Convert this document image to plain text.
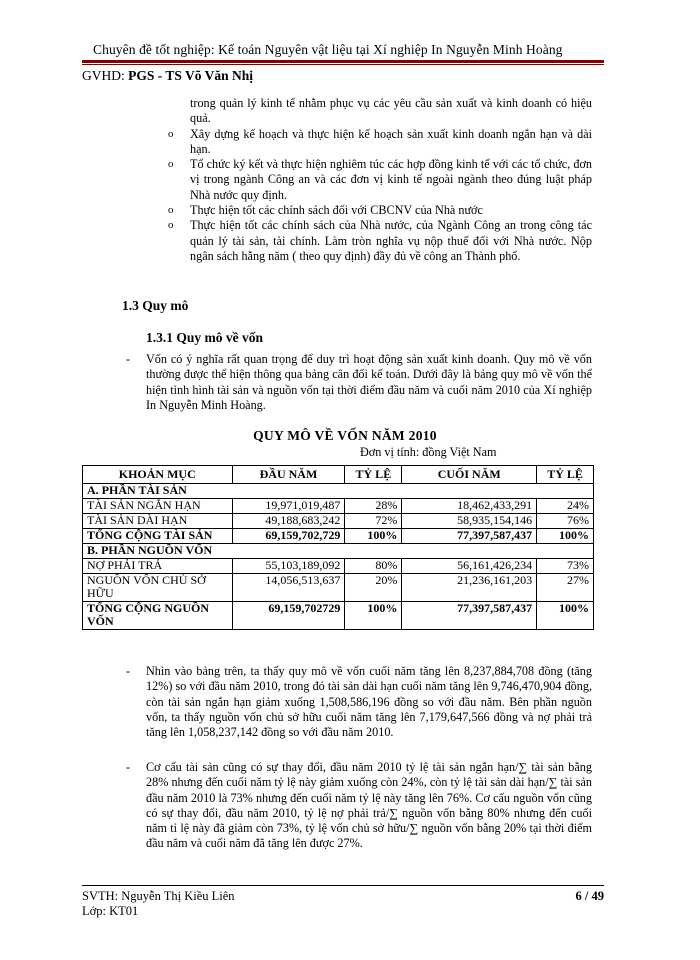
Chuyên đề tốt nghiệp: Kế toán Nguyên vật liệu tại Xí nghiệp In Nguyễn Minh Hoàng
GVHD: PGS - TS Võ Văn Nhị

trong quản lý kinh tế nhằm phục vụ các yêu cầu sản xuất và kinh doanh có hiệu quả.

o	Xây dựng kế hoạch và thực hiện kế hoạch sản xuất kinh doanh ngắn hạn và dài hạn.
o	Tổ chức ký kết và thực hiện nghiêm túc các hợp đồng kinh tế với các tổ chức, đơn vị trong ngành Công an và các đơn vị kinh tế ngoài ngành theo đúng luật pháp Nhà nước quy định.
o	Thực hiện tốt các chính sách đối với CBCNV của Nhà nước
o	Thực hiện tốt các chính sách của Nhà nước, của Ngành Công an trong công tác quản lý tài sản, tài chính. Làm tròn nghĩa vụ nộp thuế đối với Nhà nước. Nộp ngân sách hằng năm ( theo quy định) đầy đủ về công an Thành phố.
1.3 Quy mô
1.3.1 Quy mô về vốn
-	Vốn có ý nghĩa rất quan trọng để duy trì hoạt động sản xuất kinh doanh. Quy mô về vốn thường được thể hiện thông qua bảng cân đối kế toán. Dưới đây là bảng quy mô về vốn thể hiện tình hình tài sản và nguồn vốn tại thời điểm đầu năm và cuối năm 2010 của Xí nghiệp In Nguyễn Minh Hoàng.
QUY MÔ VỀ VỐN NĂM 2010
Đơn vị tính: đồng Việt Nam
KHOẢN MỤC	ĐẦU NĂM	TỶ LỆ	CUỐI NĂM	TỶ LỆ
A. PHẦN TÀI SẢN				
TÀI SẢN NGẮN HẠN	19,971,019,487	28%	18,462,433,291	24%
TÀI SẢN DÀI HẠN	49,188,683,242	72%	58,935,154,146	76%
TỔNG CỘNG TÀI SẢN	69,159,702,729	100%	77,397,587,437	100%
B. PHẦN NGUỒN VỐN				
NỢ PHẢI TRẢ	55,103,189,092	80%	56,161,426,234	73%
NGUỒN VỐN CHỦ SỞ HỮU	14,056,513,637	20%	21,236,161,203	27%
TỔNG CỘNG NGUỒN VỐN	69,159,702729	100%	77,397,587,437	100%
-	Nhìn vào bảng trên, ta thấy quy mô về vốn cuối năm tăng lên 8,237,884,708 đồng (tăng 12%) so với đầu năm 2010, trong đó tài sản dài hạn cuối năm tăng lên 9,746,470,904 đồng, còn tài sản ngắn hạn giảm xuống 1,508,586,196 đồng so với đầu năm. Bên phần nguồn vốn, ta thấy nguồn vốn chủ sở hữu cuối năm tăng lên 7,179,647,566 đồng và nợ phải trả tăng lên 1,058,237,142 đồng so với đầu năm 2010.
-	Cơ cấu tài sản cũng có sự thay đổi, đầu năm 2010 tỷ lệ tài sản ngắn hạn/∑ tài sản bằng 28% nhưng đến cuối năm tỷ lệ này giảm xuống còn 24%, còn tỷ lệ tài sản dài hạn/∑ tài sản đầu năm 2010 là 73% nhưng đến cuối năm tỷ lệ này tăng lên 76%. Cơ cấu nguồn vốn cũng có sự thay đổi, đầu năm 2010, tỷ lệ nợ phải trả/∑ nguồn vốn bằng 80% nhưng đến cuối năm tỉ lệ này đã giảm còn 73%, tỷ lệ vốn chủ sở hữu/∑ nguồn vốn bằng 20% tại thời điểm đầu năm và cuối năm đã tăng lên được 27%.
SVTH: Nguyễn Thị Kiều Liên
Lớp: KT01
6 / 49
